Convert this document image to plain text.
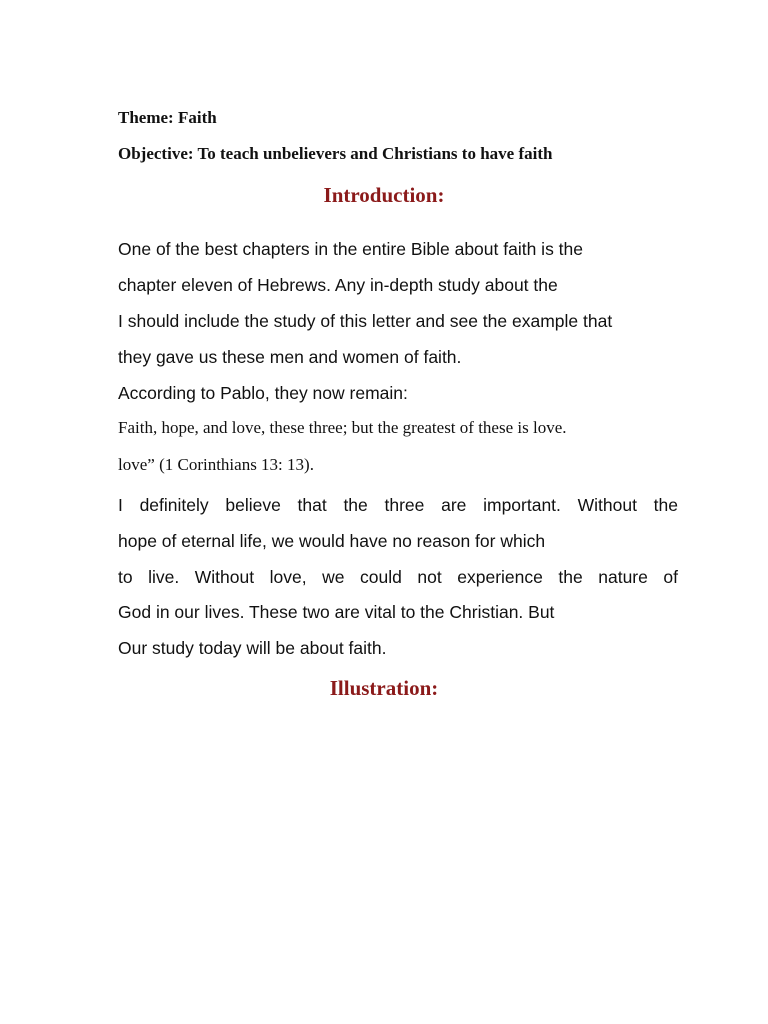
Theme: Faith
Objective: To teach unbelievers and Christians to have faith
Introduction:
One of the best chapters in the entire Bible about faith is the
chapter eleven of Hebrews. Any in-depth study about the
I should include the study of this letter and see the example that
they gave us these men and women of faith.
According to Pablo, they now remain:
Faith, hope, and love, these three; but the greatest of these is love.
love” (1 Corinthians 13: 13).
I definitely believe that the three are important. Without the
hope of eternal life, we would have no reason for which
to live. Without love, we could not experience the nature of
God in our lives. These two are vital to the Christian. But
Our study today will be about faith.
Illustration:
